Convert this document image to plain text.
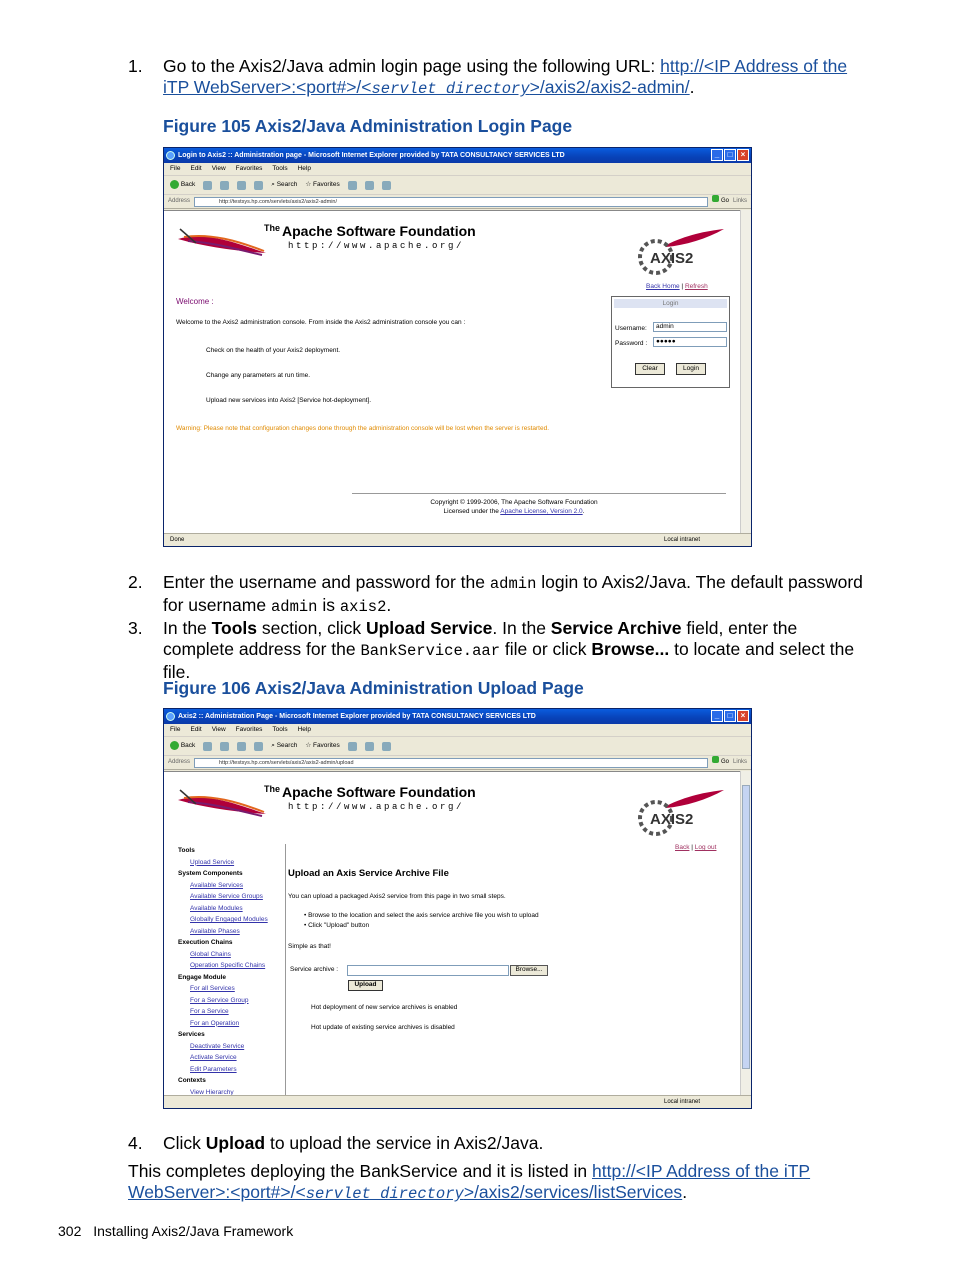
1. Go to the Axis2/Java admin login page using the following URL: http://<IP Address of the iTP WebServer>:<port#>/<servlet directory>/axis2/axis2-admin/.
Figure 105 Axis2/Java Administration Login Page
Login to Axis2 :: Administration page - Microsoft Internet Explorer provided by TATA CONSULTANCY SERVICES LTD	_	□	×
File Edit View Favorites Tools Help
Back	⌕ Search ☆ Favorites
Address	http://testsys.hp.com/servlets/axis2/axis2-admin/	Go Links
$^{The}$ Apache Software Foundation
http://www.apache.org/
AXIS2
Back Home | Refresh
Welcome :
Welcome to the Axis2 administration console. From inside the Axis2 administration console you can :
Check on the health of your Axis2 deployment.
Change any parameters at run time.
Upload new services into Axis2 [Service hot-deployment].
Warning: Please note that configuration changes done through the administration console will be lost when the server is restarted.
Login
Username:	admin
Password :	●●●●●
Clear	Login
Copyright © 1999-2006, The Apache Software Foundation
Licensed under the Apache License, Version 2.0.
Done	Local intranet
2. Enter the username and password for the admin login to Axis2/Java. The default password for username admin is axis2.
3. In the Tools section, click Upload Service. In the Service Archive field, enter the complete address for the BankService.aar file or click Browse... to locate and select the file.
Figure 106 Axis2/Java Administration Upload Page
Axis2 :: Administration Page - Microsoft Internet Explorer provided by TATA CONSULTANCY SERVICES LTD	_	□	×
File Edit View Favorites Tools Help
Back	⌕ Search ☆ Favorites
Address	http://testsys.hp.com/servlets/axis2/axis2-admin/upload	Go Links
$^{The}$ Apache Software Foundation
http://www.apache.org/
AXIS2
Tools
Upload Service
System Components
Available Services
Available Service Groups
Available Modules
Globally Engaged Modules
Available Phases
Execution Chains
Global Chains
Operation Specific Chains
Engage Module
For all Services
For a Service Group
For a Service
For an Operation
Services
Deactivate Service
Activate Service
Edit Parameters
Contexts
View Hierarchy
Back | Log out
Upload an Axis Service Archive File
You can upload a packaged Axis2 service from this page in two small steps.
• Browse to the location and select the axis service archive file you wish to upload
• Click "Upload" button
Simple as that!
Service archive :	Browse...
Upload
Hot deployment of new service archives is enabled
Hot update of existing service archives is disabled
Local intranet
4. Click Upload to upload the service in Axis2/Java.
This completes deploying the BankService and it is listed in http://<IP Address of the iTP WebServer>:<port#>/<servlet directory>/axis2/services/listServices.
302 Installing Axis2/Java Framework
